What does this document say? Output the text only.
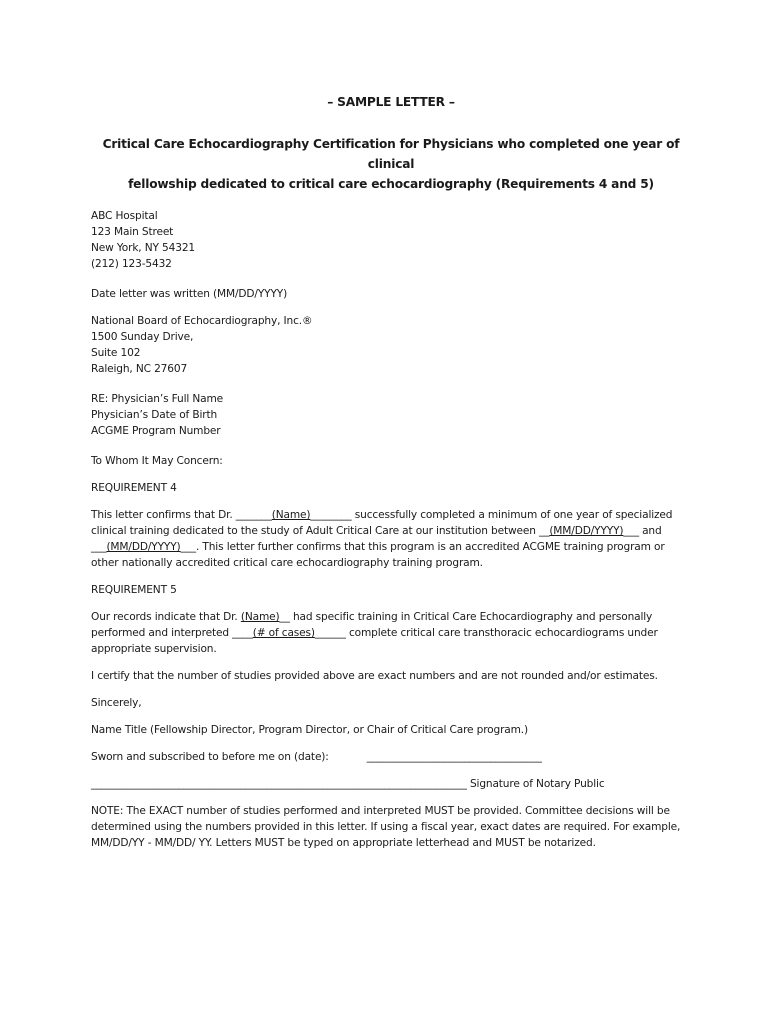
– SAMPLE LETTER –
Critical Care Echocardiography Certification for Physicians who completed one year of clinical
fellowship dedicated to critical care echocardiography (Requirements 4 and 5)
ABC Hospital
123 Main Street
New York, NY 54321
(212) 123-5432

Date letter was written (MM/DD/YYYY)

National Board of Echocardiography, Inc.®
1500 Sunday Drive,
Suite 102
Raleigh, NC 27607
RE: Physician’s Full Name
Physician’s Date of Birth
ACGME Program Number

To Whom It May Concern:

REQUIREMENT 4

This letter confirms that Dr. _______(Name)________ successfully completed a minimum of one year of specialized clinical training dedicated to the study of Adult Critical Care at our institution between __(MM/DD/YYYY)___ and ___(MM/DD/YYYY)___. This letter further confirms that this program is an accredited ACGME training program or other nationally accredited critical care echocardiography training program.

REQUIREMENT 5

Our records indicate that Dr. (Name)__ had specific training in Critical Care Echocardiography and personally performed and interpreted ____(# of cases)______ complete critical care transthoracic echocardiograms under appropriate supervision.

I certify that the number of studies provided above are exact numbers and are not rounded and/or estimates.

Sincerely,

Name Title (Fellowship Director, Program Director, or Chair of Critical Care program.)

Sworn and subscribed to before me on (date):	__________________________________

_________________________________________________________________________ Signature of Notary Public

NOTE: The EXACT number of studies performed and interpreted MUST be provided. Committee decisions will be determined using the numbers provided in this letter. If using a fiscal year, exact dates are required. For example, MM/DD/YY - MM/DD/ YY. Letters MUST be typed on appropriate letterhead and MUST be notarized.
